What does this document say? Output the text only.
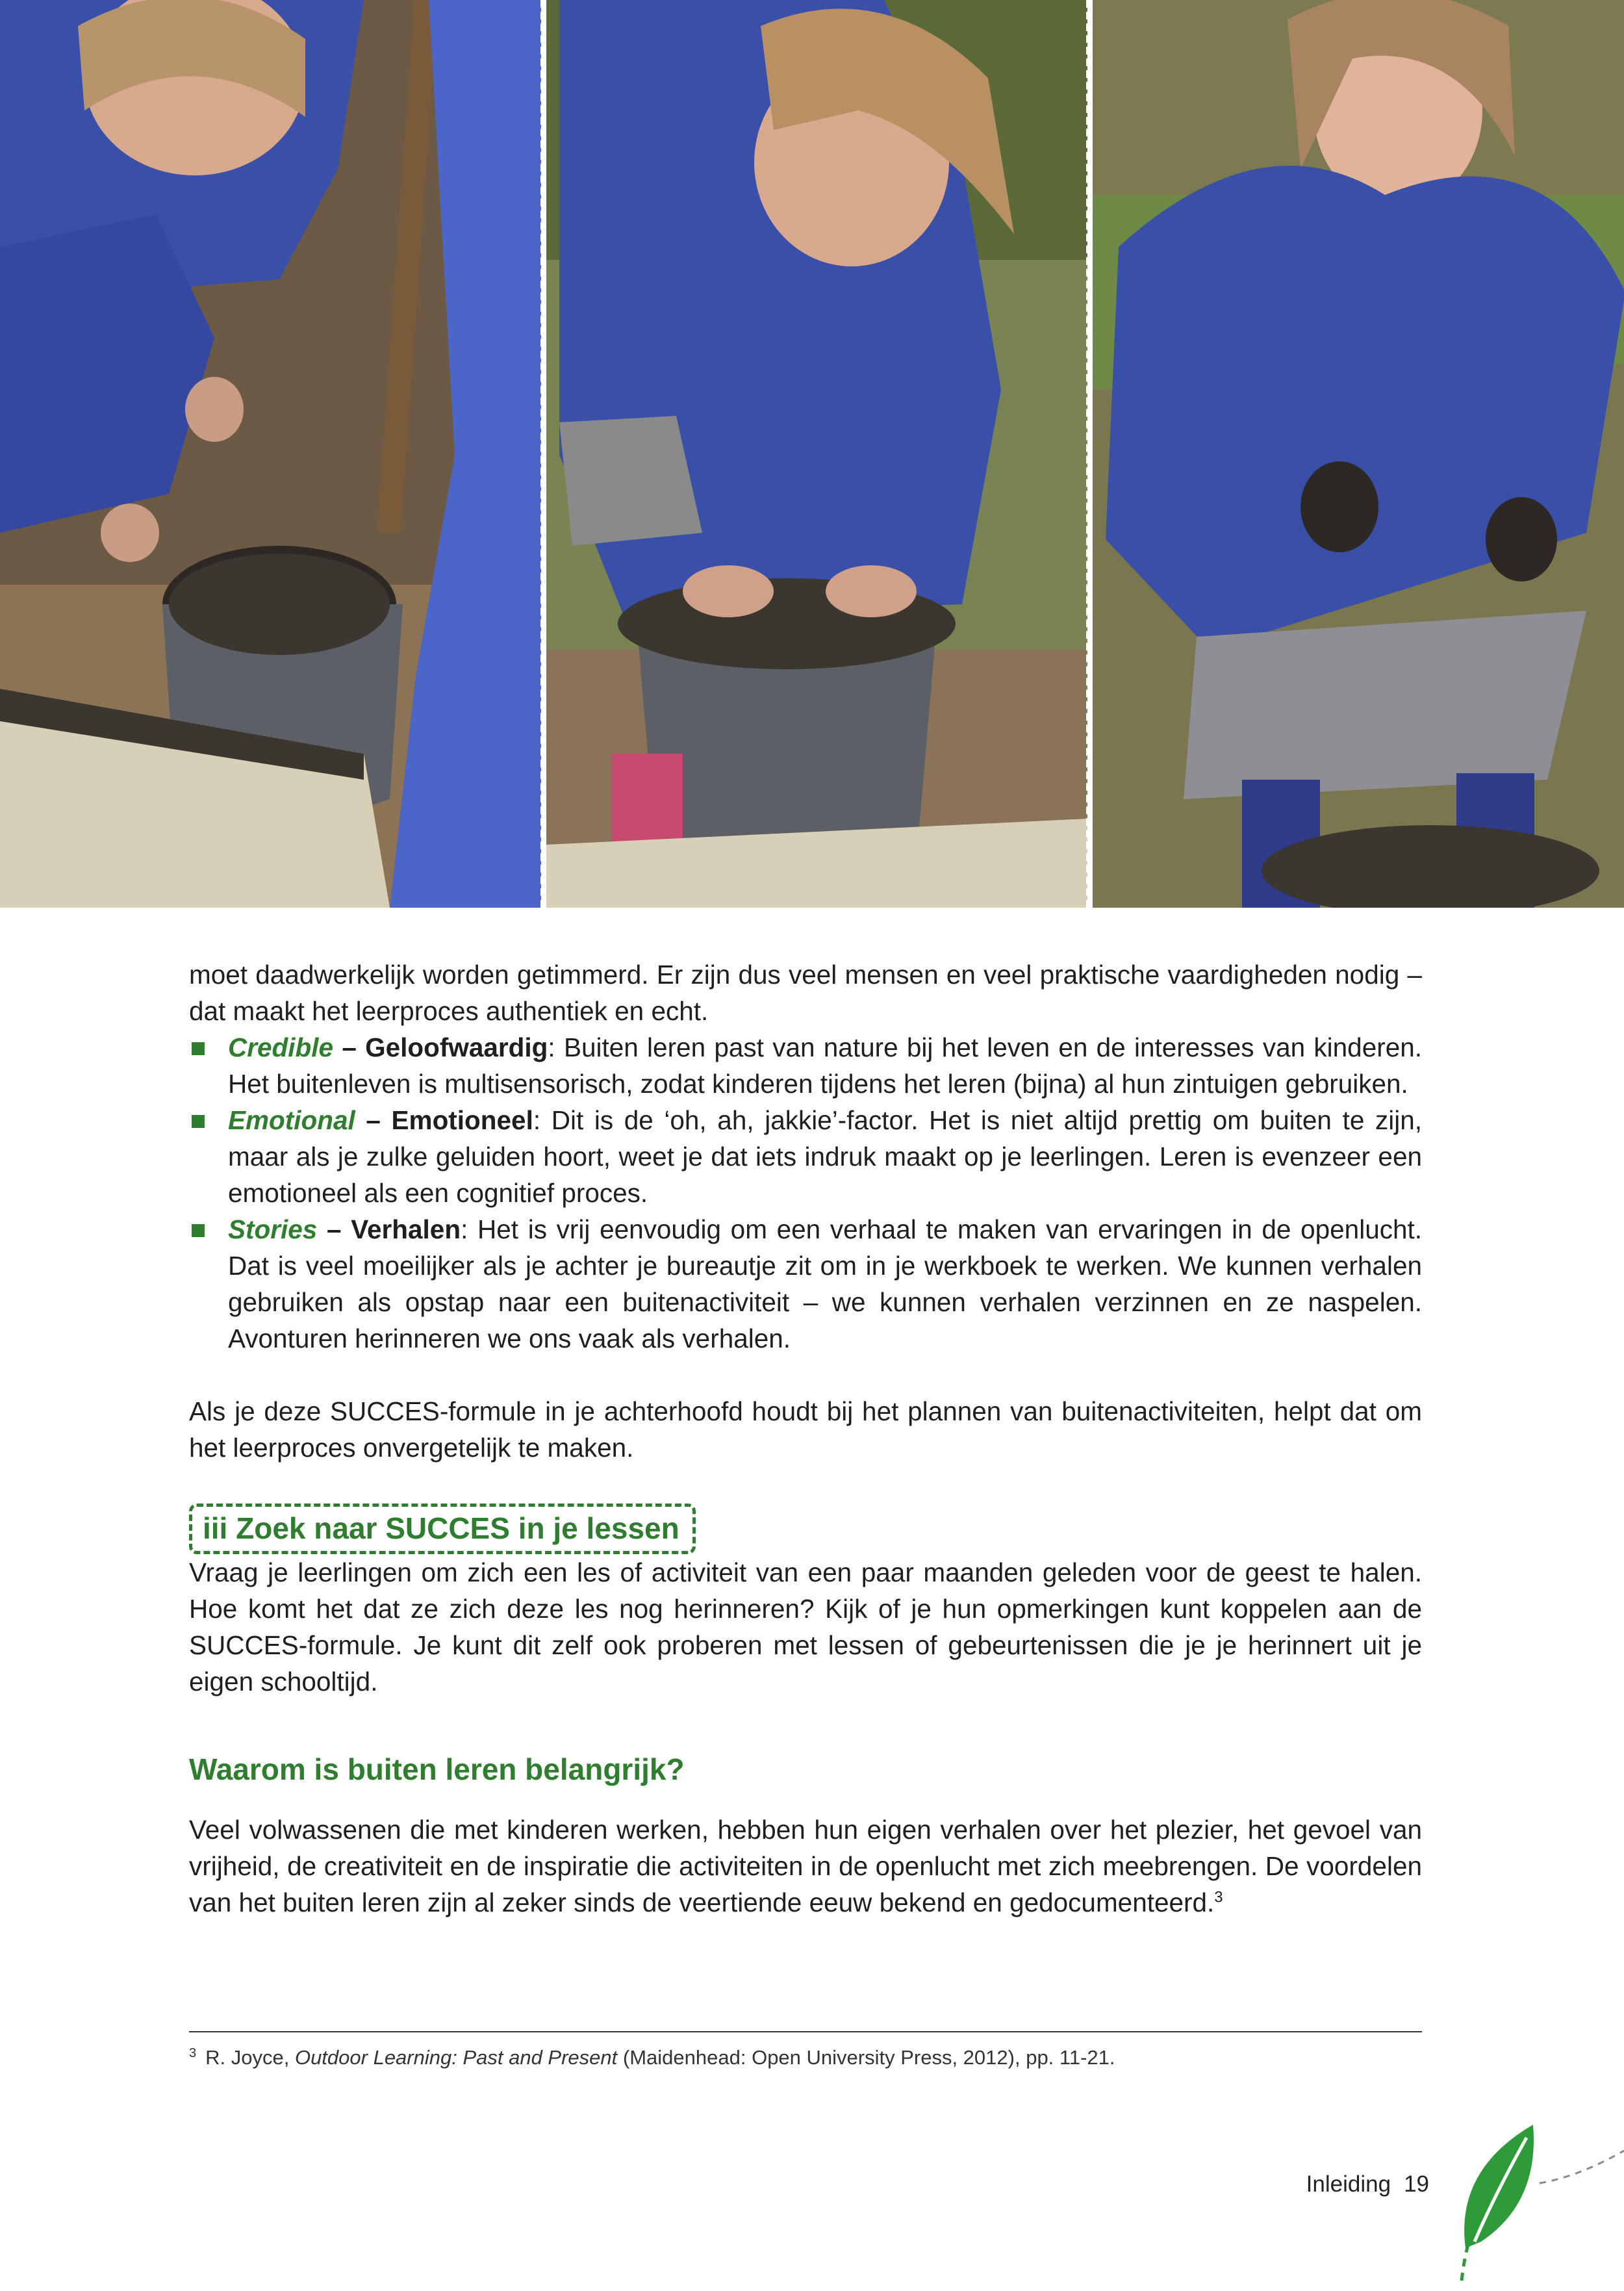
moet daadwerkelijk worden getimmerd. Er zijn dus veel mensen en veel praktische vaardigheden nodig – dat maakt het leerproces authentiek en echt.

Credible – Geloofwaardig: Buiten leren past van nature bij het leven en de interesses van kinderen. Het buitenleven is multisensorisch, zodat kinderen tijdens het leren (bijna) al hun zintuigen gebruiken.
Emotional – Emotioneel: Dit is de ‘oh, ah, jakkie’-factor. Het is niet altijd prettig om buiten te zijn, maar als je zulke geluiden hoort, weet je dat iets indruk maakt op je leerlingen. Leren is evenzeer een emotioneel als een cognitief proces.
Stories – Verhalen: Het is vrij eenvoudig om een verhaal te maken van ervaringen in de openlucht. Dat is veel moeilijker als je achter je bureautje zit om in je werkboek te werken. We kunnen verhalen gebruiken als opstap naar een buitenactiviteit – we kunnen verhalen verzinnen en ze naspelen. Avonturen herinneren we ons vaak als verhalen.

Als je deze SUCCES-formule in je achterhoofd houdt bij het plannen van buitenactiviteiten, helpt dat om het leerproces onvergetelijk te maken.

iii Zoek naar SUCCES in je lessen

Vraag je leerlingen om zich een les of activiteit van een paar maanden geleden voor de geest te halen. Hoe komt het dat ze zich deze les nog herinneren? Kijk of je hun opmerkingen kunt koppelen aan de SUCCES-formule. Je kunt dit zelf ook proberen met lessen of gebeurtenissen die je je herinnert uit je eigen schooltijd.

Waarom is buiten leren belangrijk?

Veel volwassenen die met kinderen werken, hebben hun eigen verhalen over het plezier, het gevoel van vrijheid, de creativiteit en de inspiratie die activiteiten in de openlucht met zich meebrengen. De voordelen van het buiten leren zijn al zeker sinds de veertiende eeuw bekend en gedocumenteerd.$^3$

$^3$ R. Joyce, Outdoor Learning: Past and Present (Maidenhead: Open University Press, 2012), pp. 11-21.
Inleiding 19
